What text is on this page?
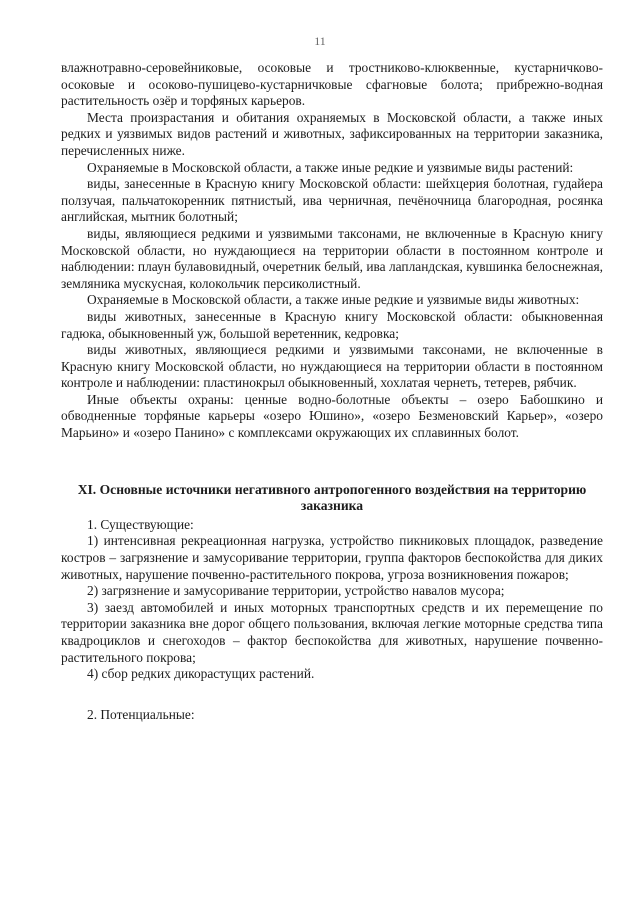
11

влажнотравно-серовейниковые, осоковые и тростниково-клюквенные, кустарничково-осоковые и осоково-пушицево-кустарничковые сфагновые болота; прибрежно-водная растительность озёр и торфяных карьеров.

Места произрастания и обитания охраняемых в Московской области, а также иных редких и уязвимых видов растений и животных, зафиксированных на территории заказника, перечисленных ниже.

Охраняемые в Московской области, а также иные редкие и уязвимые виды растений:

виды, занесенные в Красную книгу Московской области: шейхцерия болотная, гудайера ползучая, пальчатокоренник пятнистый, ива черничная, печёночница благородная, росянка английская, мытник болотный;

виды, являющиеся редкими и уязвимыми таксонами, не включенные в Красную книгу Московской области, но нуждающиеся на территории области в постоянном контроле и наблюдении: плаун булавовидный, очеретник белый, ива лапландская, кувшинка белоснежная, земляника мускусная, колокольчик персиколистный.

Охраняемые в Московской области, а также иные редкие и уязвимые виды животных:

виды животных, занесенные в Красную книгу Московской области: обыкновенная гадюка, обыкновенный уж, большой веретенник, кедровка;

виды животных, являющиеся редкими и уязвимыми таксонами, не включенные в Красную книгу Московской области, но нуждающиеся на территории области в постоянном контроле и наблюдении: пластинокрыл обыкновенный, хохлатая чернеть, тетерев, рябчик.

Иные объекты охраны: ценные водно-болотные объекты – озеро Бабошкино и обводненные торфяные карьеры «озеро Юшино», «озеро Безменовский Карьер», «озеро Марьино» и «озеро Панино» с комплексами окружающих их сплавинных болот.

XI. Основные источники негативного антропогенного воздействия на территорию заказника

1. Существующие:

1) интенсивная рекреационная нагрузка, устройство пикниковых площадок, разведение костров – загрязнение и замусоривание территории, группа факторов беспокойства для диких животных, нарушение почвенно-растительного покрова, угроза возникновения пожаров;

2) загрязнение и замусоривание территории, устройство навалов мусора;

3) заезд автомобилей и иных моторных транспортных средств и их перемещение по территории заказника вне дорог общего пользования, включая легкие моторные средства типа квадроциклов и снегоходов – фактор беспокойства для животных, нарушение почвенно-растительного покрова;

4) сбор редких дикорастущих растений.

2. Потенциальные:
